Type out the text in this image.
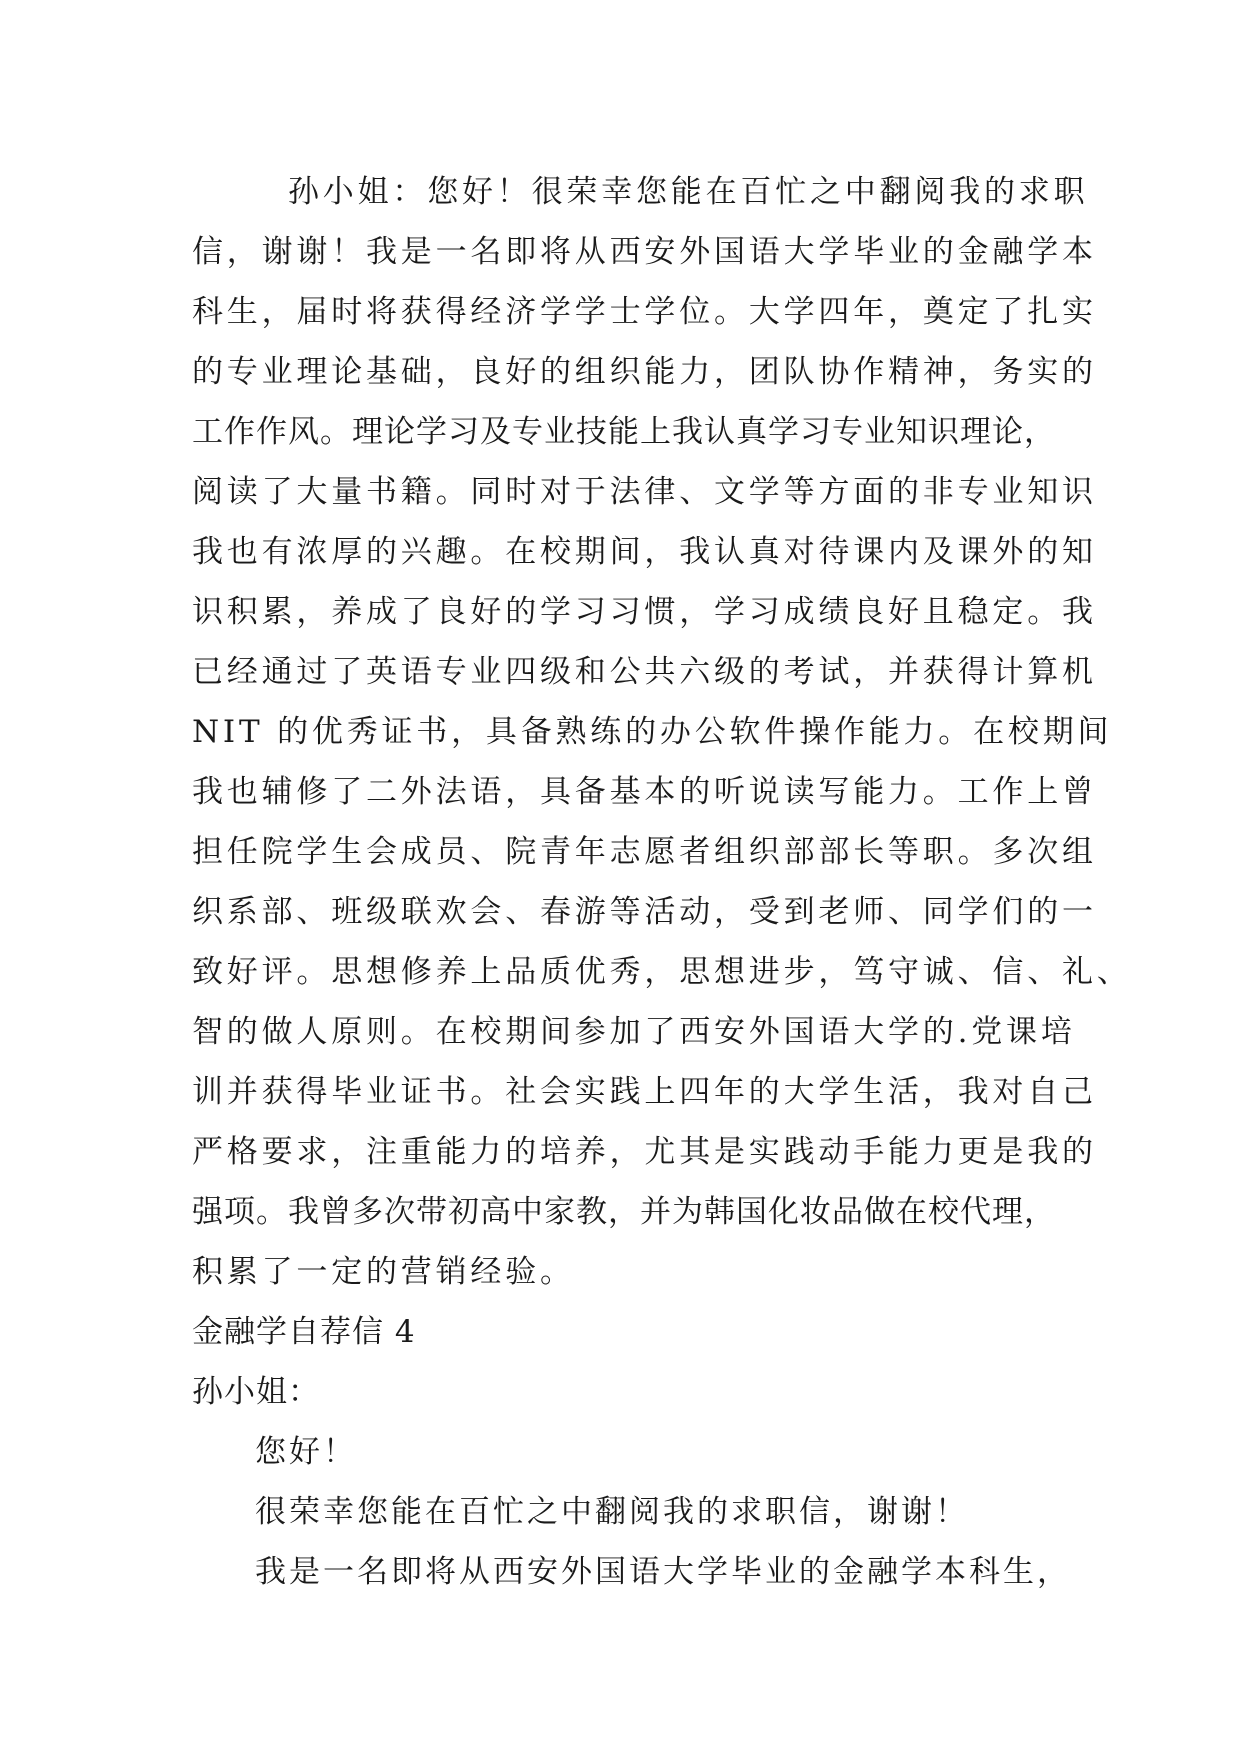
孙小姐：您好！很荣幸您能在百忙之中翻阅我的求职
信，谢谢！我是一名即将从西安外国语大学毕业的金融学本
科生，届时将获得经济学学士学位。大学四年，奠定了扎实
的专业理论基础，良好的组织能力，团队协作精神，务实的
工作作风。理论学习及专业技能上我认真学习专业知识理论，
阅读了大量书籍。同时对于法律、文学等方面的非专业知识
我也有浓厚的兴趣。在校期间，我认真对待课内及课外的知
识积累，养成了良好的学习习惯，学习成绩良好且稳定。我
已经通过了英语专业四级和公共六级的考试，并获得计算机
NIT 的优秀证书，具备熟练的办公软件操作能力。在校期间
我也辅修了二外法语，具备基本的听说读写能力。工作上曾
担任院学生会成员、院青年志愿者组织部部长等职。多次组
织系部、班级联欢会、春游等活动，受到老师、同学们的一
致好评。思想修养上品质优秀，思想进步，笃守诚、信、礼、
智的做人原则。在校期间参加了西安外国语大学的.党课培
训并获得毕业证书。社会实践上四年的大学生活，我对自己
严格要求，注重能力的培养，尤其是实践动手能力更是我的
强项。我曾多次带初高中家教，并为韩国化妆品做在校代理，
积累了一定的营销经验。
金融学自荐信 4
孙小姐：
您好！
很荣幸您能在百忙之中翻阅我的求职信，谢谢！
我是一名即将从西安外国语大学毕业的金融学本科生，
